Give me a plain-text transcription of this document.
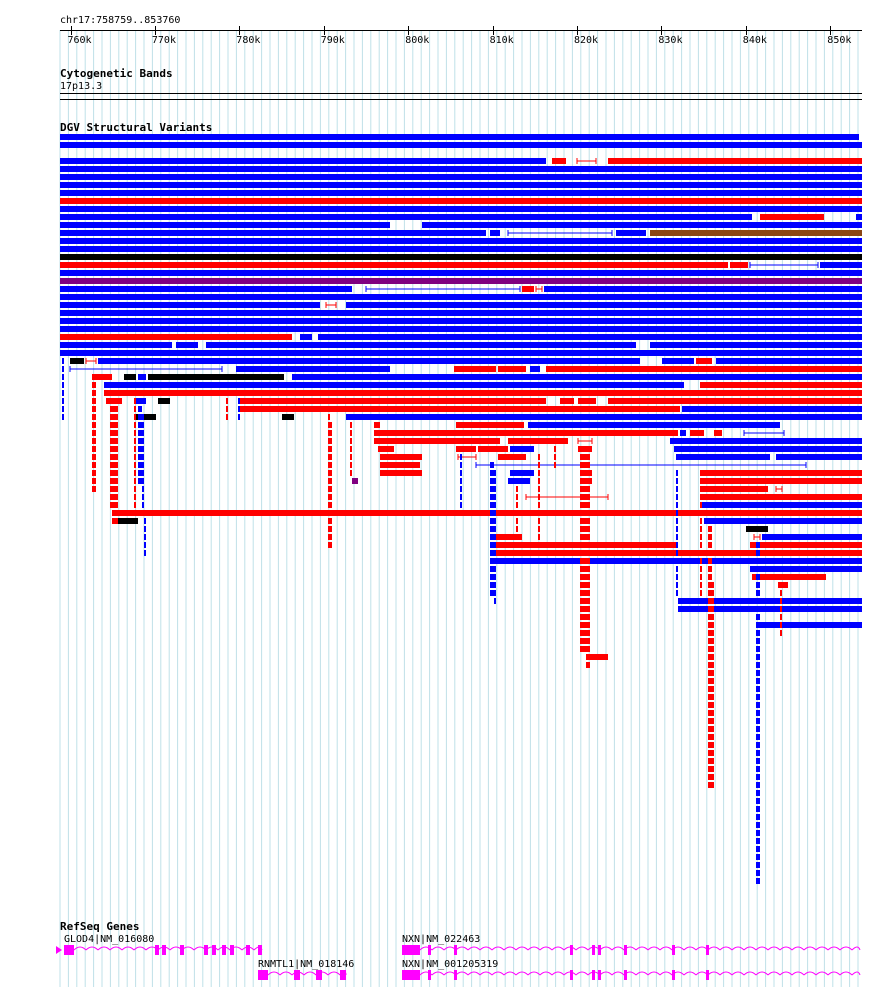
chr17:758759..853760
760k	770k	780k	790k	800k	810k	820k	830k	840k	850k
Cytogenetic Bands
17p13.3
DGV Structural Variants
RefSeq Genes
GLOD4|NM_016080
RNMTL1|NM_018146
NXN|NM_022463
NXN|NM_001205319
